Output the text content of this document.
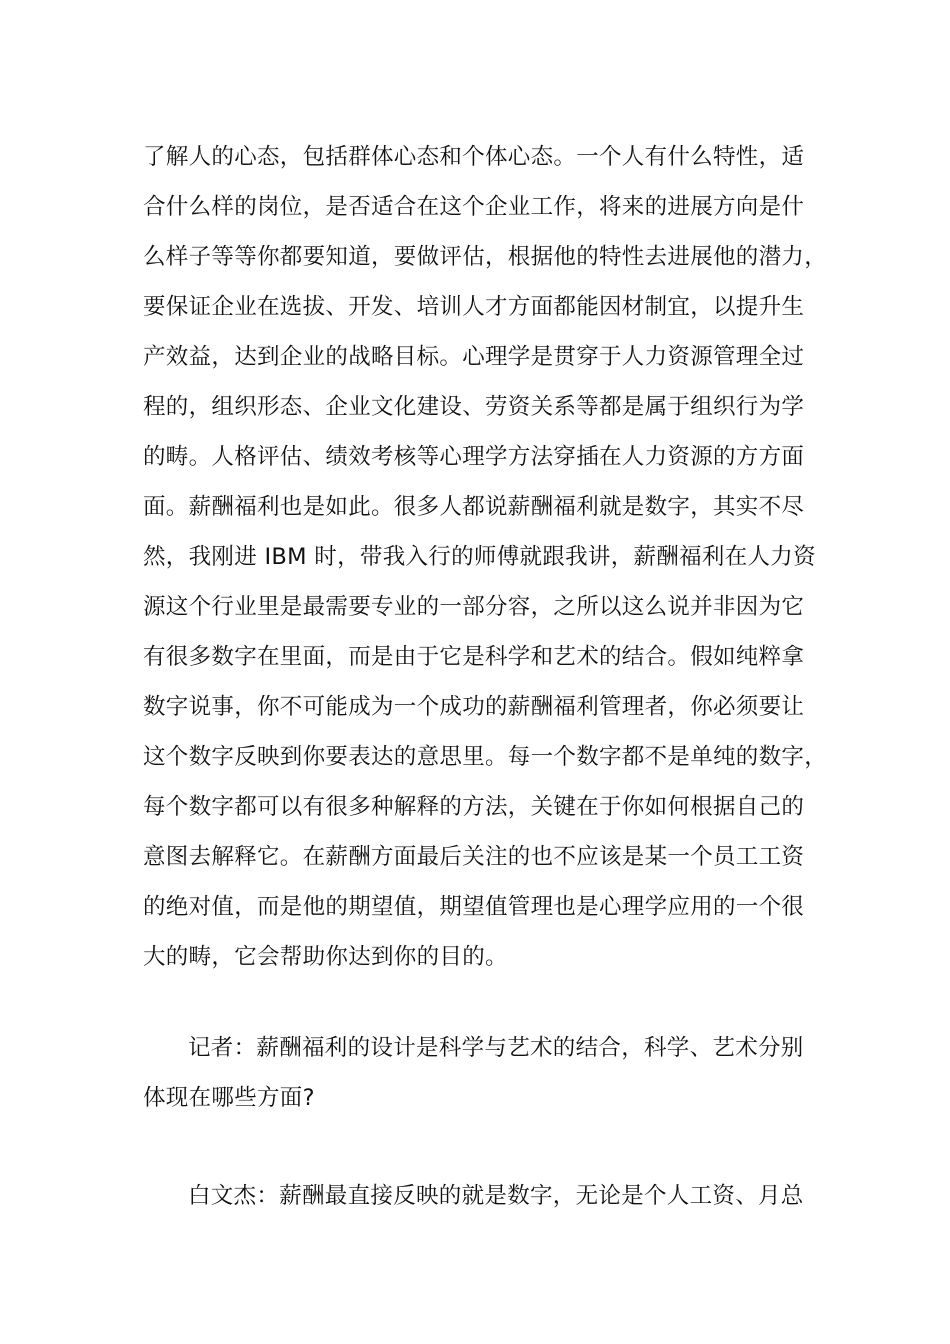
了解人的心态，包括群体心态和个体心态。一个人有什么特性，适
合什么样的岗位，是否适合在这个企业工作，将来的进展方向是什
么样子等等你都要知道，要做评估，根据他的特性去进展他的潜力，
要保证企业在选拔、开发、培训人才方面都能因材制宜，以提升生
产效益，达到企业的战略目标。心理学是贯穿于人力资源管理全过
程的，组织形态、企业文化建设、劳资关系等都是属于组织行为学
的畴。人格评估、绩效考核等心理学方法穿插在人力资源的方方面
面。薪酬福利也是如此。很多人都说薪酬福利就是数字，其实不尽
然，我刚进 IBM 时，带我入行的师傅就跟我讲，薪酬福利在人力资
源这个行业里是最需要专业的一部分容，之所以这么说并非因为它
有很多数字在里面，而是由于它是科学和艺术的结合。假如纯粹拿
数字说事，你不可能成为一个成功的薪酬福利管理者，你必须要让
这个数字反映到你要表达的意思里。每一个数字都不是单纯的数字，
每个数字都可以有很多种解释的方法，关键在于你如何根据自己的
意图去解释它。在薪酬方面最后关注的也不应该是某一个员工工资
的绝对值，而是他的期望值，期望值管理也是心理学应用的一个很
大的畴，它会帮助你达到你的目的。
记者：薪酬福利的设计是科学与艺术的结合，科学、艺术分别
体现在哪些方面?
白文杰：薪酬最直接反映的就是数字，无论是个人工资、月总
